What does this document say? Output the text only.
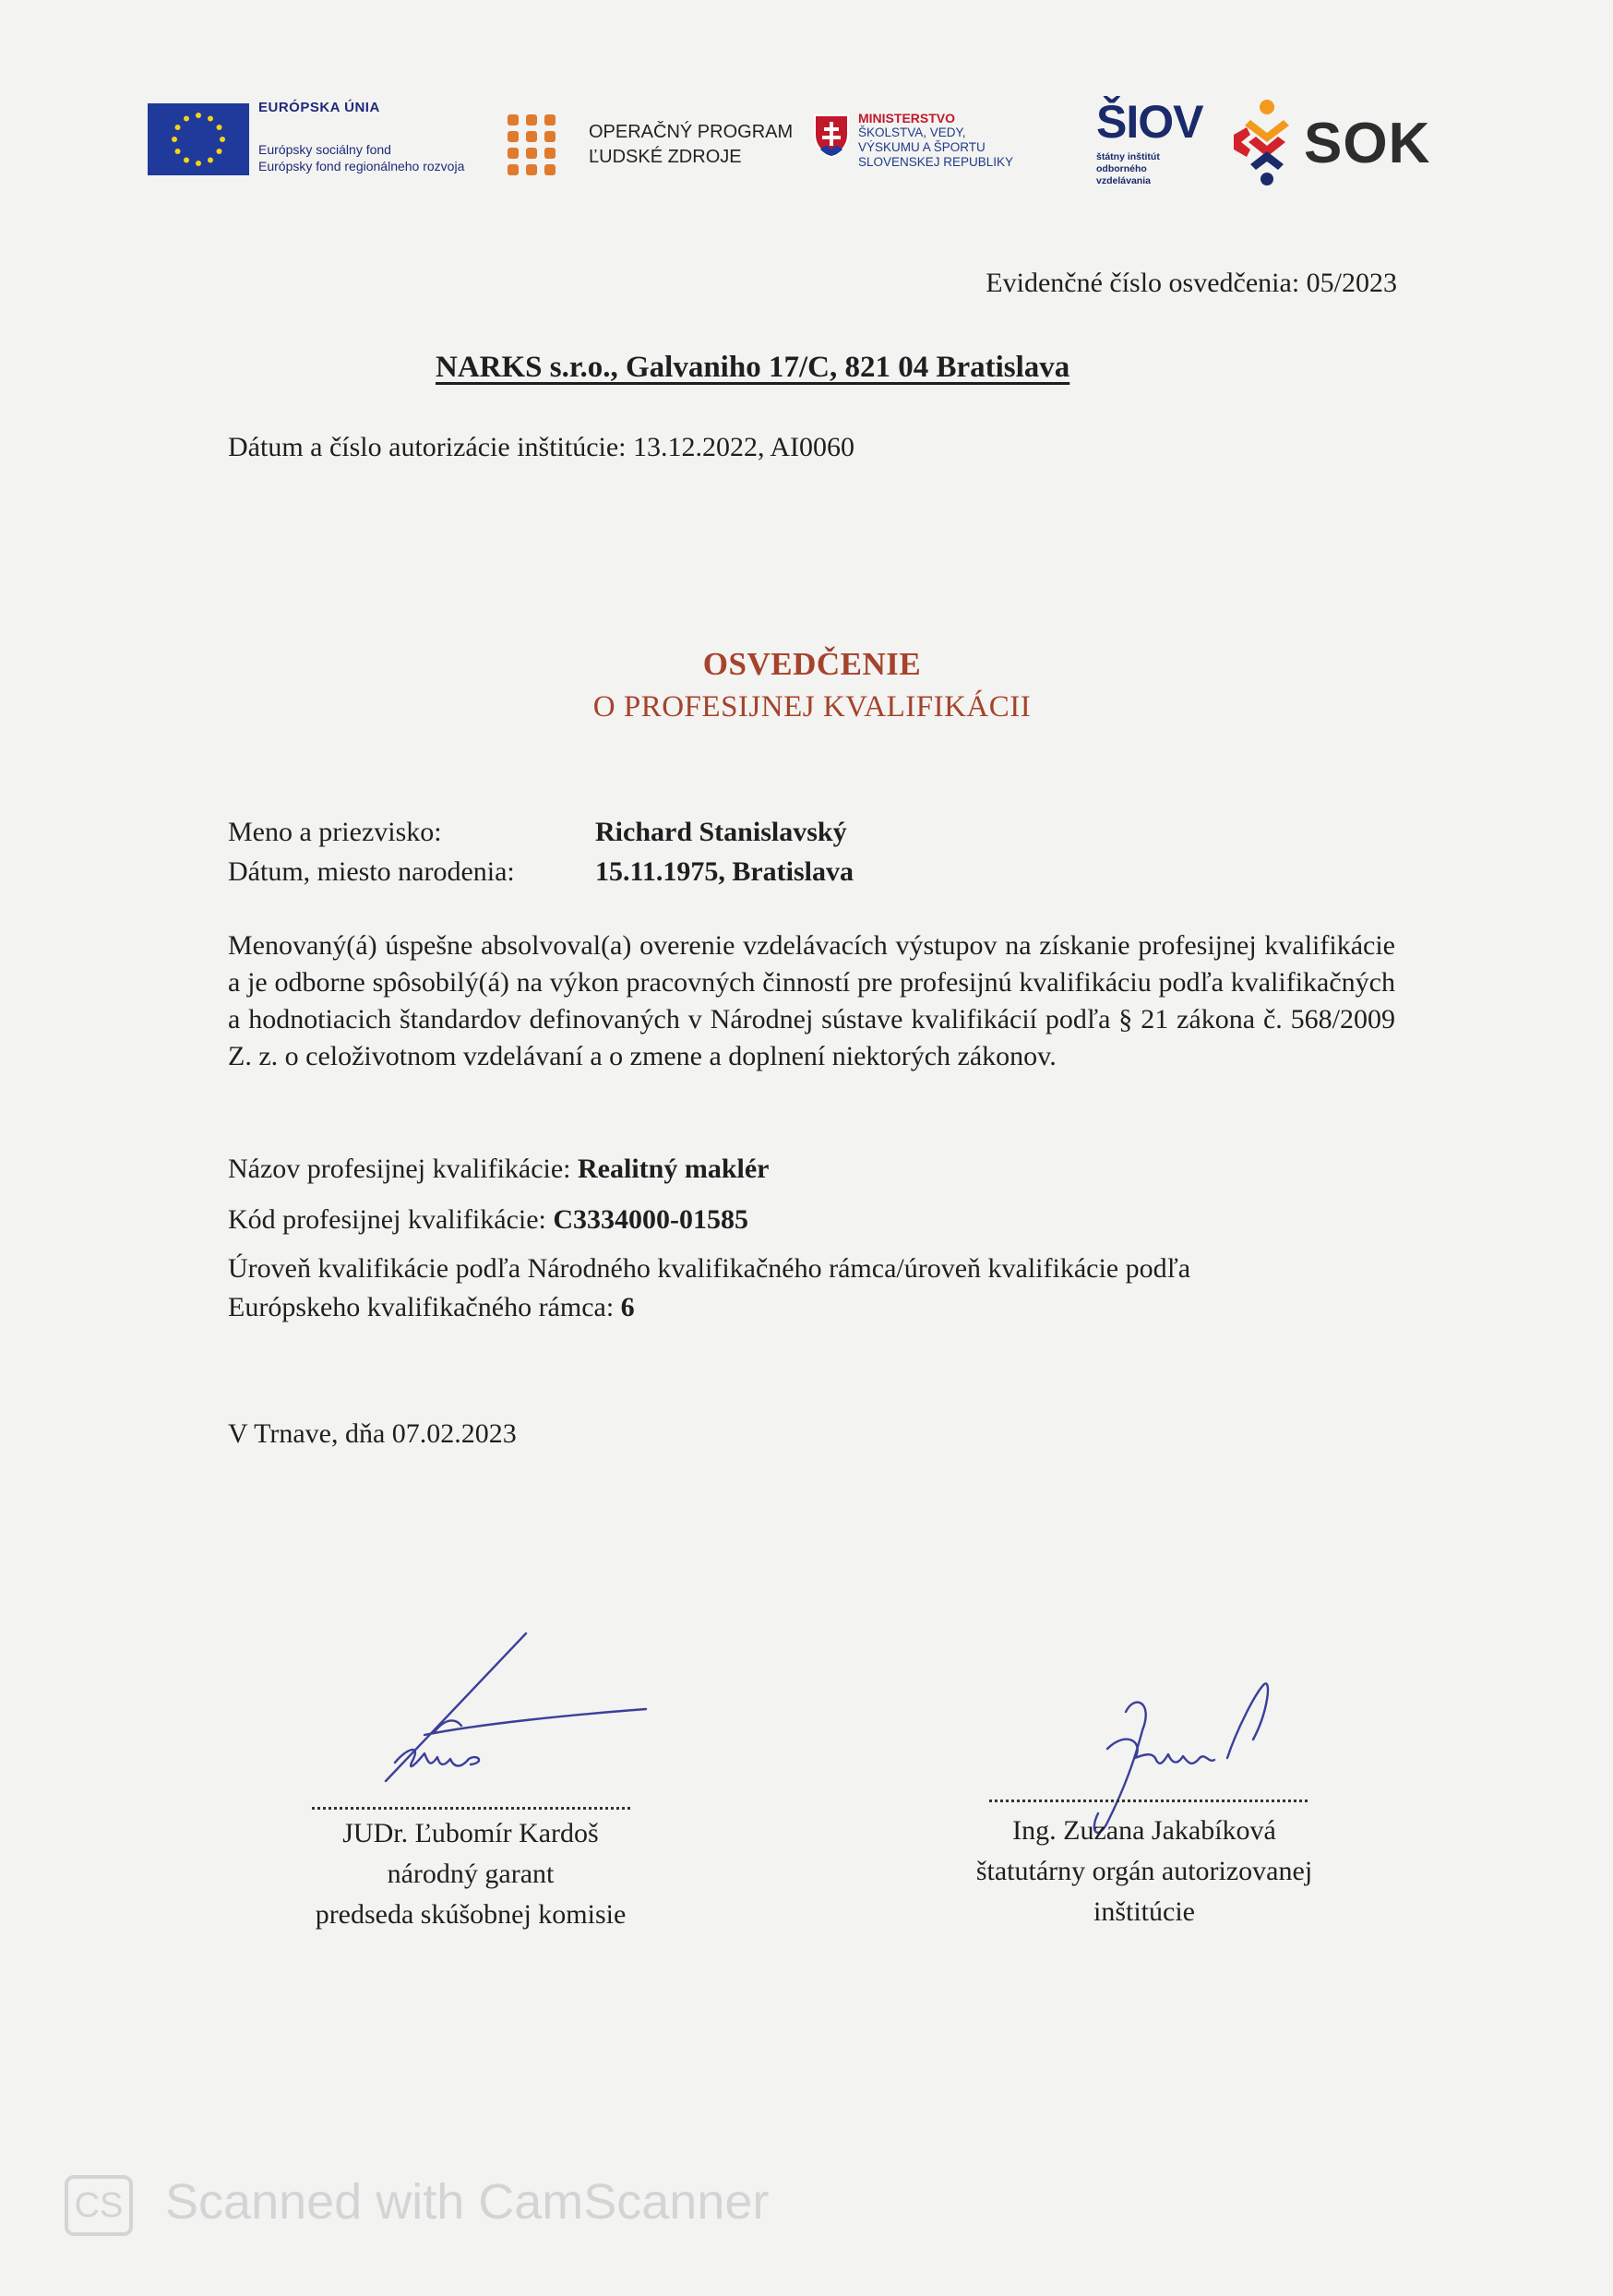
EURÓPSKA ÚNIA
Európsky sociálny fond
Európsky fond regionálneho rozvoja
OPERAČNÝ PROGRAM
ĽUDSKÉ ZDROJE
MINISTERSTVO
ŠKOLSTVA, VEDY,
VÝSKUMU A ŠPORTU
SLOVENSKEJ REPUBLIKY
ŠIOV
štátny inštitút
odborného
vzdelávania
SOK
Evidenčné číslo osvedčenia: 05/2023
NARKS s.r.o., Galvaniho 17/C, 821 04 Bratislava
Dátum a číslo autorizácie inštitúcie: 13.12.2022, AI0060
OSVEDČENIE
O PROFESIJNEJ KVALIFIKÁCII
Meno a priezvisko:	Richard Stanislavský
Dátum, miesto narodenia:	15.11.1975, Bratislava
Menovaný(á) úspešne absolvoval(a) overenie vzdelávacích výstupov na získanie profesijnej kvalifikácie a je odborne spôsobilý(á) na výkon pracovných činností pre profesijnú kvalifikáciu podľa kvalifikačných a hodnotiacich štandardov definovaných v Národnej sústave kvalifikácií podľa § 21 zákona č. 568/2009 Z. z. o celoživotnom vzdelávaní a o zmene a doplnení niektorých zákonov.
Názov profesijnej kvalifikácie: Realitný maklér
Kód profesijnej kvalifikácie: C3334000-01585
Úroveň kvalifikácie podľa Národného kvalifikačného rámca/úroveň kvalifikácie podľa
Európskeho kvalifikačného rámca: 6
V Trnave, dňa 07.02.2023
JUDr. Ľubomír Kardoš
národný garant
predseda skúšobnej komisie
Ing. Zuzana Jakabíková
štatutárny orgán autorizovanej
inštitúcie
CS Scanned with CamScanner
